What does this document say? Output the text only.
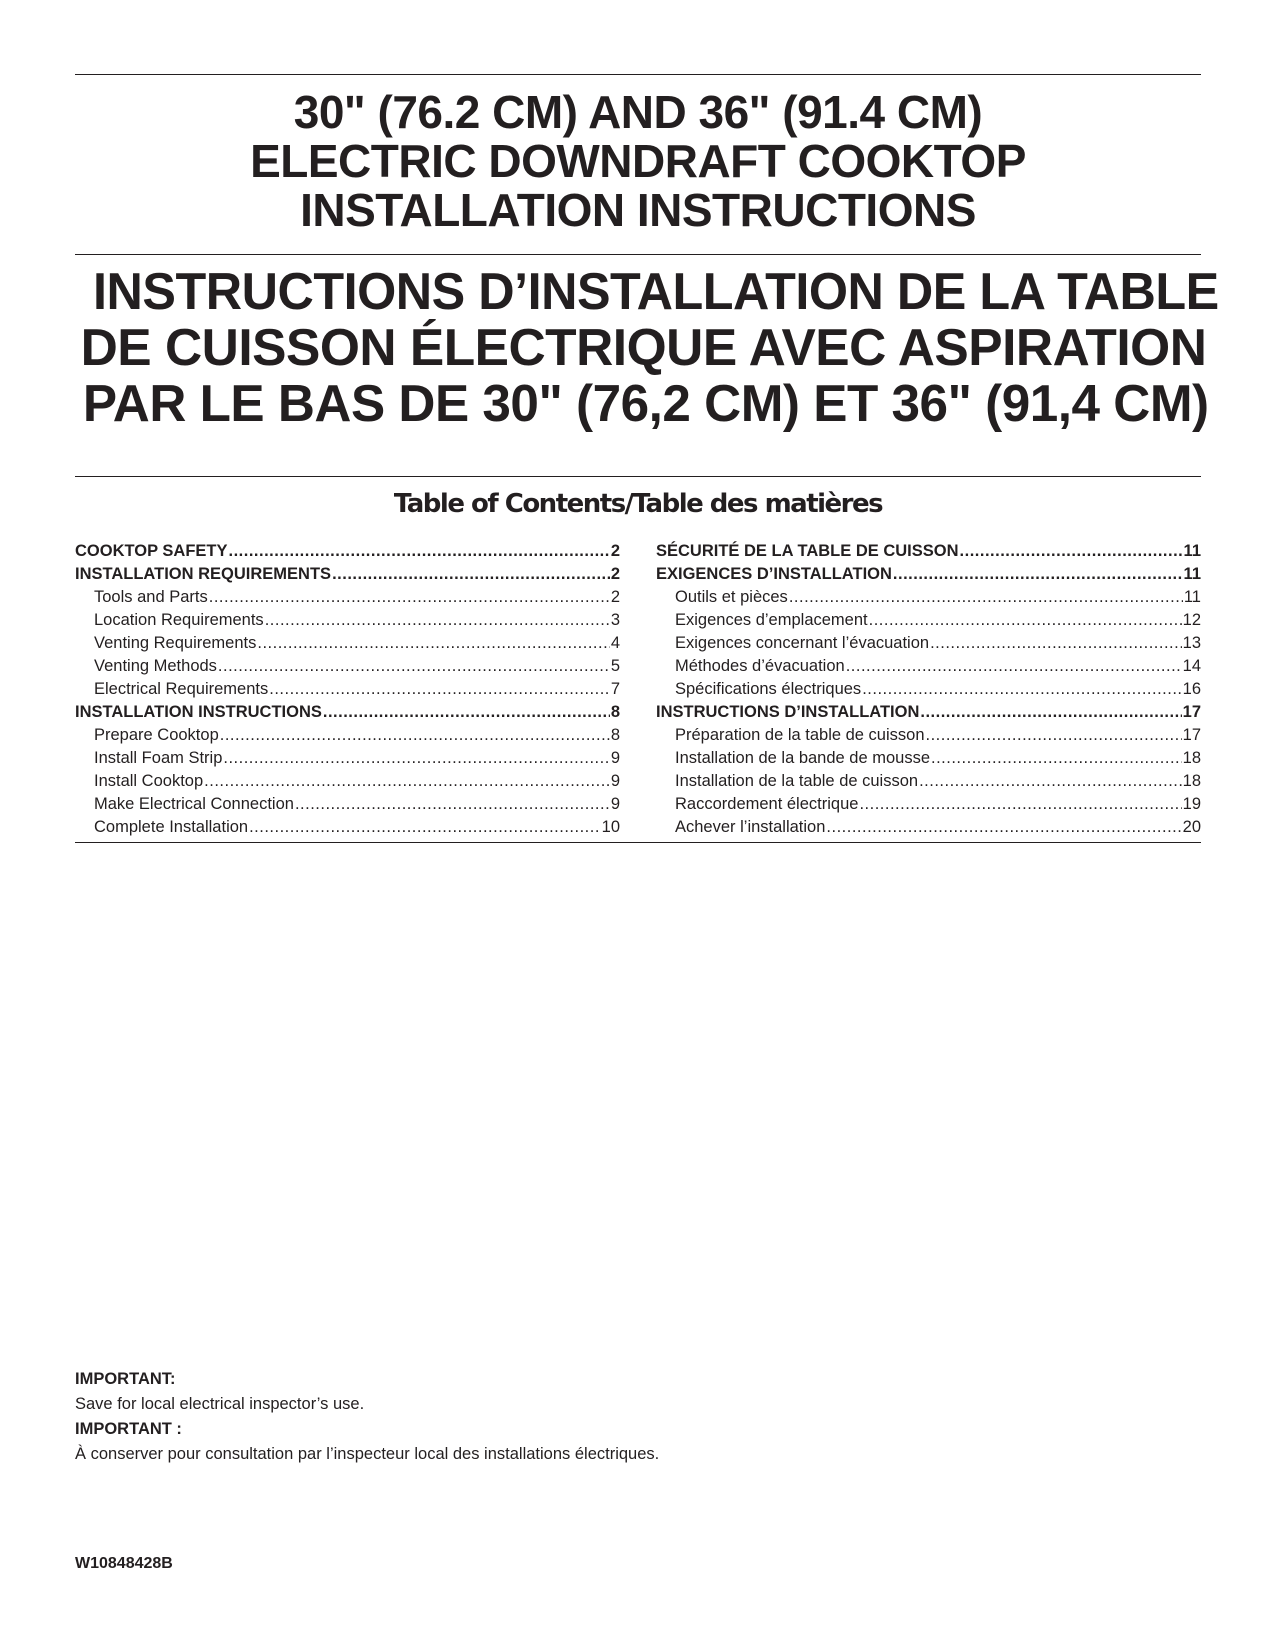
30" (76.2 CM) AND 36" (91.4 CM)
ELECTRIC DOWNDRAFT COOKTOP
INSTALLATION INSTRUCTIONS
INSTRUCTIONS D’INSTALLATION DE LA TABLE
DE CUISSON ÉLECTRIQUE AVEC ASPIRATION
PAR LE BAS DE 30" (76,2 CM) ET 36" (91,4 CM)
Table of Contents/Table des matières
COOKTOP SAFETY .....	2
INSTALLATION REQUIREMENTS .....	2
Tools and Parts .....	2
Location Requirements .....	3
Venting Requirements .....	4
Venting Methods .....	5
Electrical Requirements .....	7
INSTALLATION INSTRUCTIONS .....	8
Prepare Cooktop .....	8
Install Foam Strip .....	9
Install Cooktop .....	9
Make Electrical Connection .....	9
Complete Installation .....	10
SÉCURITÉ DE LA TABLE DE CUISSON .....	11
EXIGENCES D’INSTALLATION .....	11
Outils et pièces .....	11
Exigences d’emplacement .....	12
Exigences concernant l’évacuation .....	13
Méthodes d’évacuation .....	14
Spécifications électriques .....	16
INSTRUCTIONS D’INSTALLATION .....	17
Préparation de la table de cuisson .....	17
Installation de la bande de mousse .....	18
Installation de la table de cuisson .....	18
Raccordement électrique .....	19
Achever l’installation .....	20
IMPORTANT:
Save for local electrical inspector’s use.
IMPORTANT :
À conserver pour consultation par l’inspecteur local des installations électriques.
W10848428B
